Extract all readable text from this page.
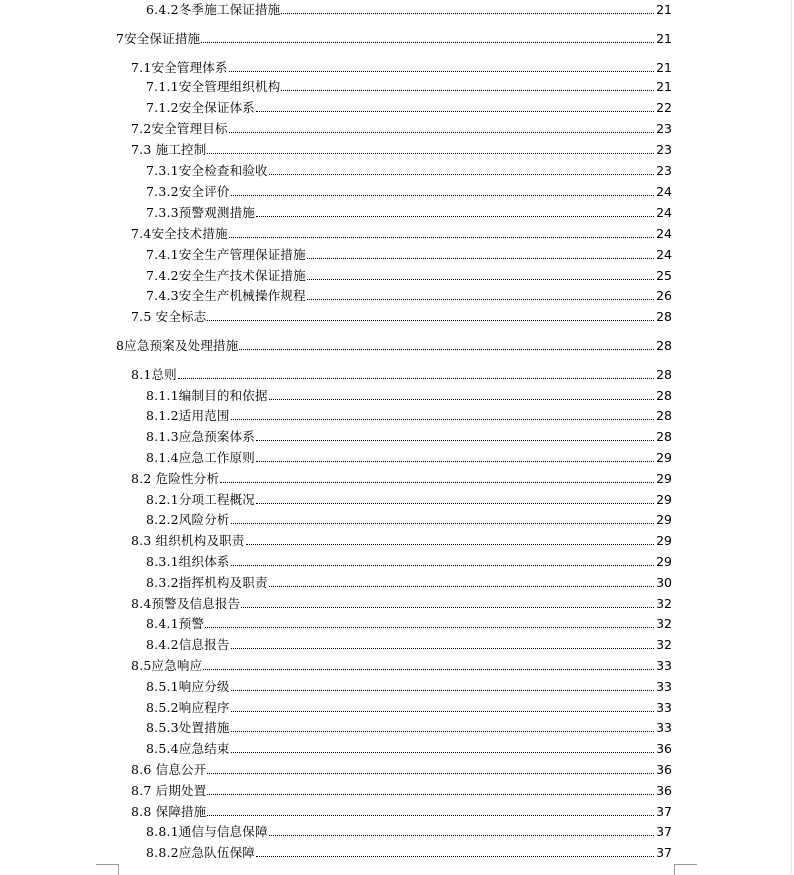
6.4.2冬季施工保证措施	21
7安全保证措施	21
7.1安全管理体系	21
7.1.1安全管理组织机构	21
7.1.2安全保证体系	22
7.2安全管理目标	23
7.3 施工控制	23
7.3.1安全检查和验收	23
7.3.2安全评价	24
7.3.3预警观测措施	24
7.4安全技术措施	24
7.4.1安全生产管理保证措施	24
7.4.2安全生产技术保证措施	25
7.4.3安全生产机械操作规程	26
7.5 安全标志	28
8应急预案及处理措施	28
8.1总则	28
8.1.1编制目的和依据	28
8.1.2适用范围	28
8.1.3应急预案体系	28
8.1.4应急工作原则	29
8.2 危险性分析	29
8.2.1分项工程概况	29
8.2.2风险分析	29
8.3 组织机构及职责	29
8.3.1组织体系	29
8.3.2指挥机构及职责	30
8.4预警及信息报告	32
8.4.1预警	32
8.4.2信息报告	32
8.5应急响应	33
8.5.1响应分级	33
8.5.2响应程序	33
8.5.3处置措施	33
8.5.4应急结束	36
8.6 信息公开	36
8.7 后期处置	36
8.8 保障措施	37
8.8.1通信与信息保障	37
8.8.2应急队伍保障	37
